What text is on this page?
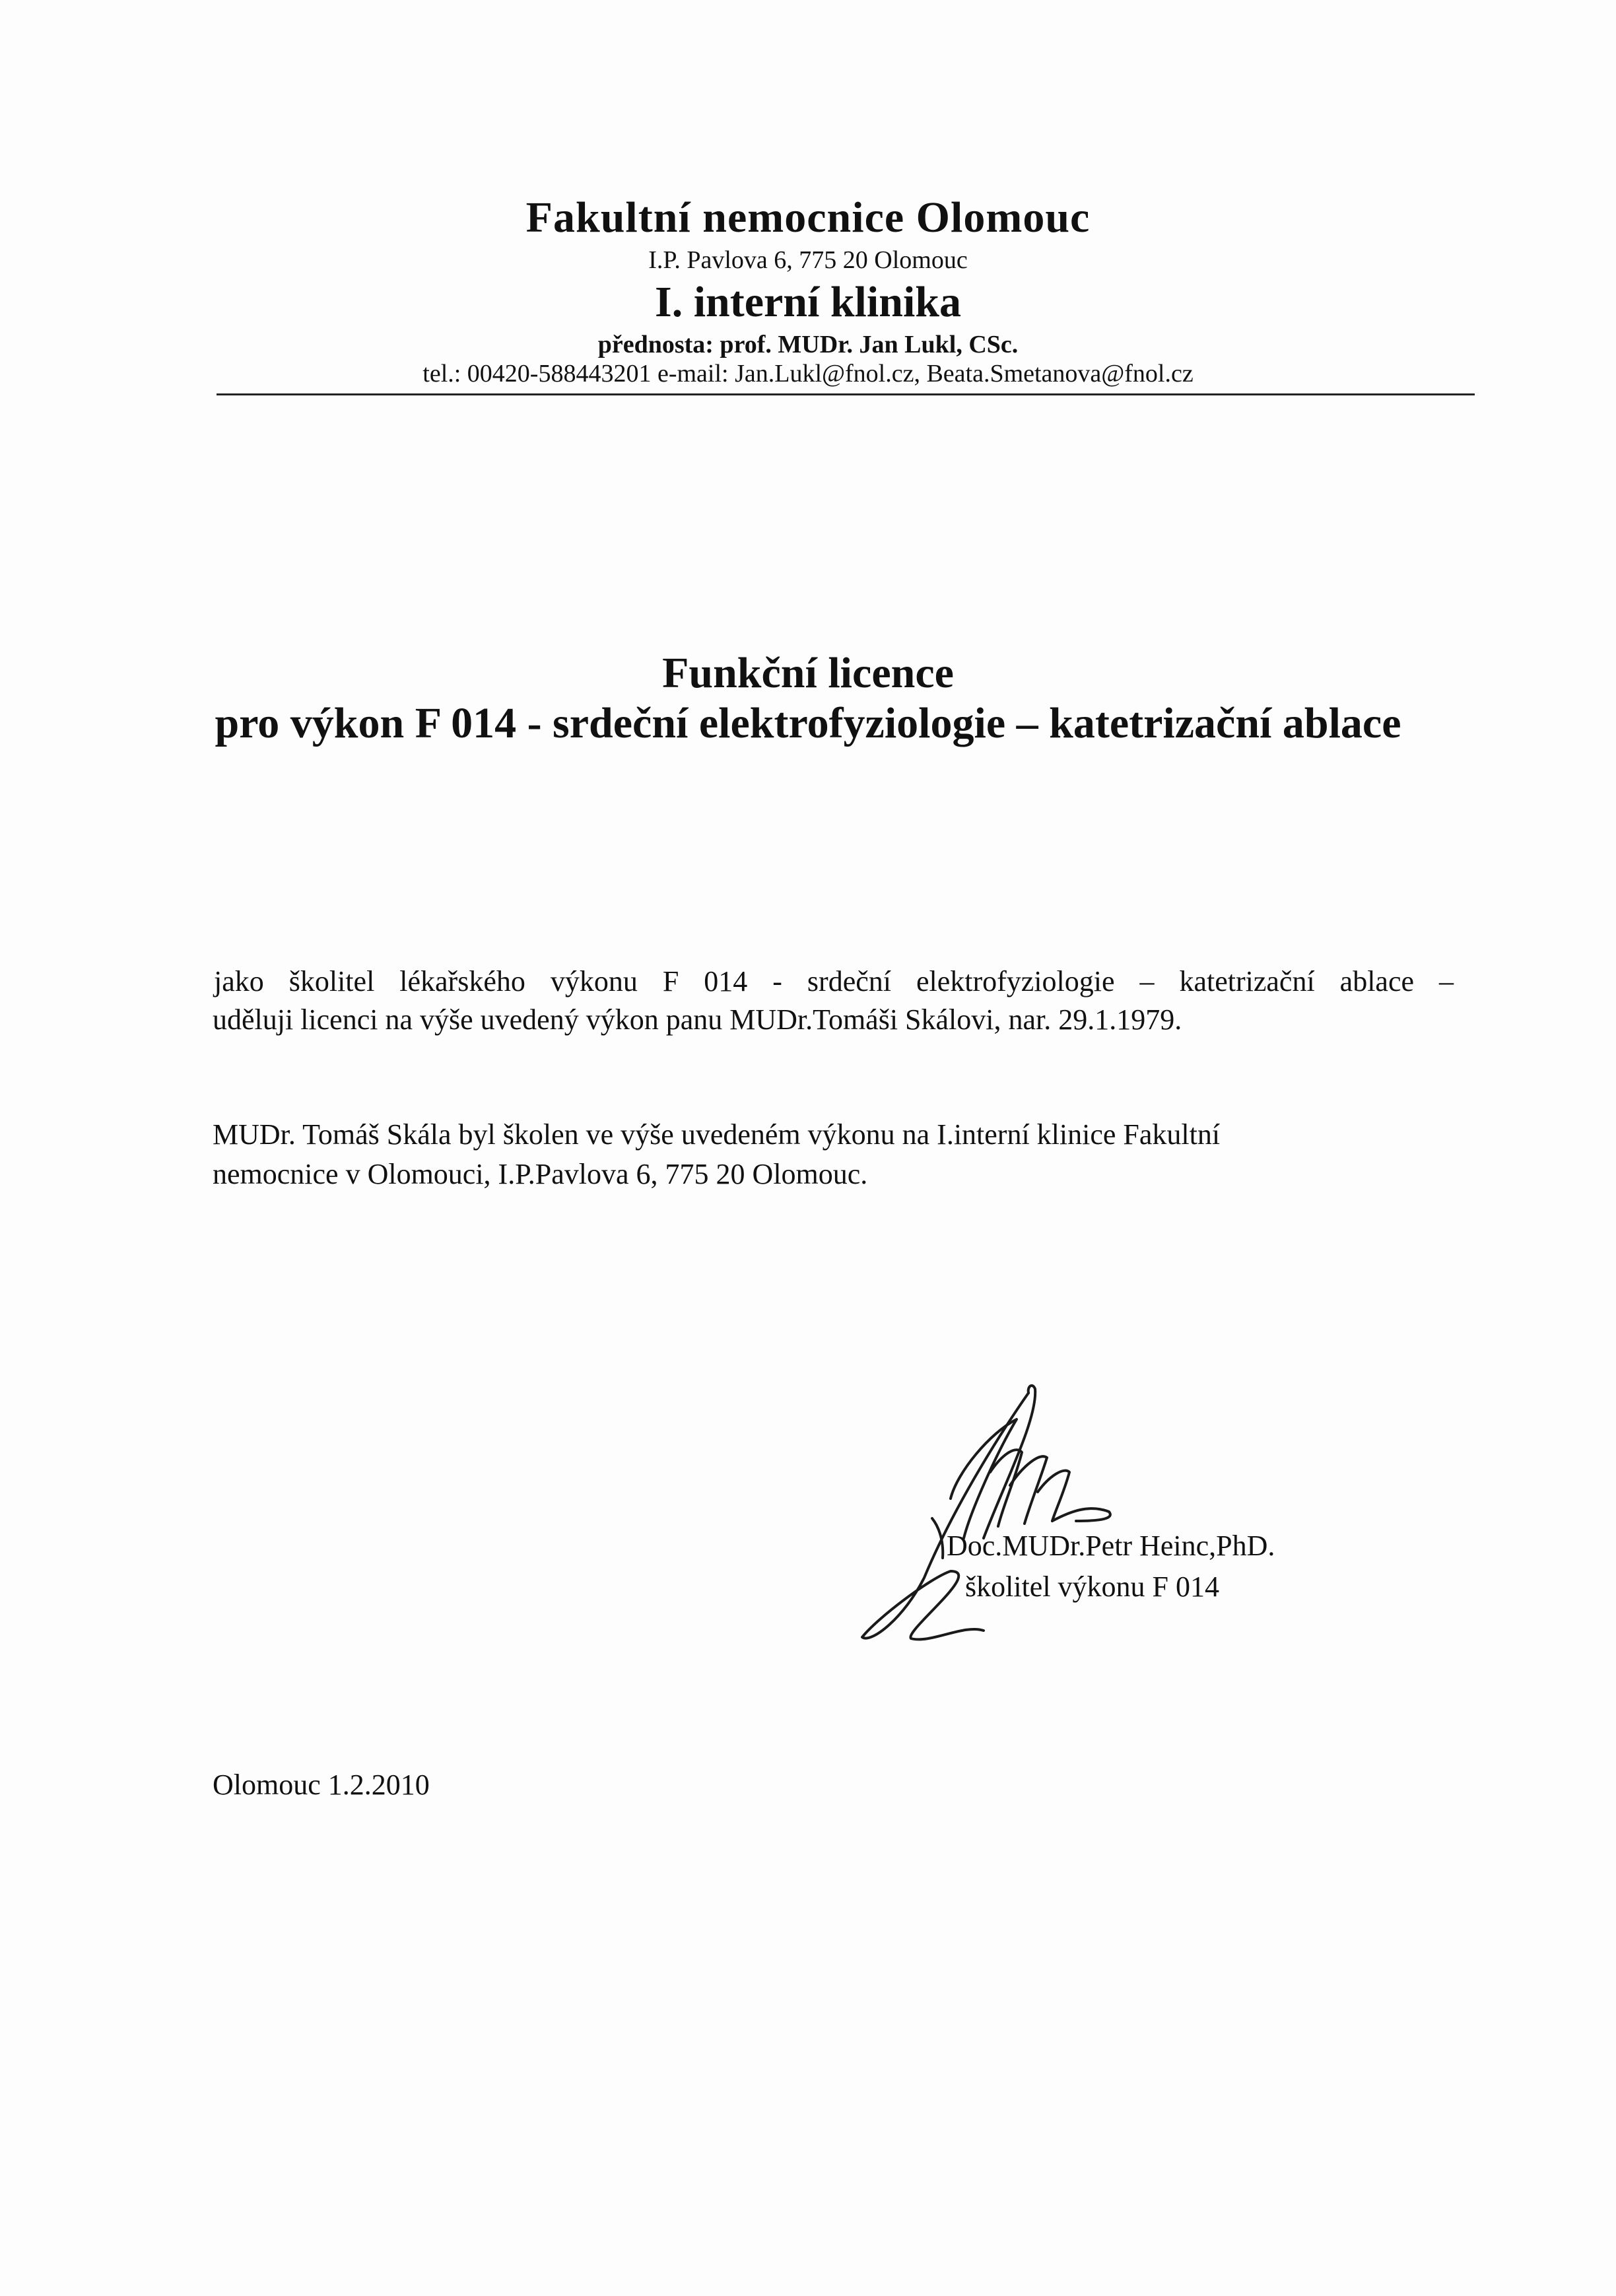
Fakultní nemocnice Olomouc
I.P. Pavlova 6, 775 20 Olomouc
I. interní klinika
přednosta: prof. MUDr. Jan Lukl, CSc.
tel.: 00420-588443201 e-mail: Jan.Lukl@fnol.cz, Beata.Smetanova@fnol.cz
Funkční licence
pro výkon F 014 - srdeční elektrofyziologie – katetrizační ablace
jako školitel lékařského výkonu F 014 - srdeční elektrofyziologie – katetrizační ablace –
uděluji licenci na výše uvedený výkon panu MUDr.Tomáši Skálovi, nar. 29.1.1979.
MUDr. Tomáš Skála byl školen ve výše uvedeném výkonu na I.interní klinice Fakultní
nemocnice v Olomouci, I.P.Pavlova 6, 775 20 Olomouc.
Doc.MUDr.Petr Heinc,PhD.
školitel výkonu F 014
Olomouc 1.2.2010
